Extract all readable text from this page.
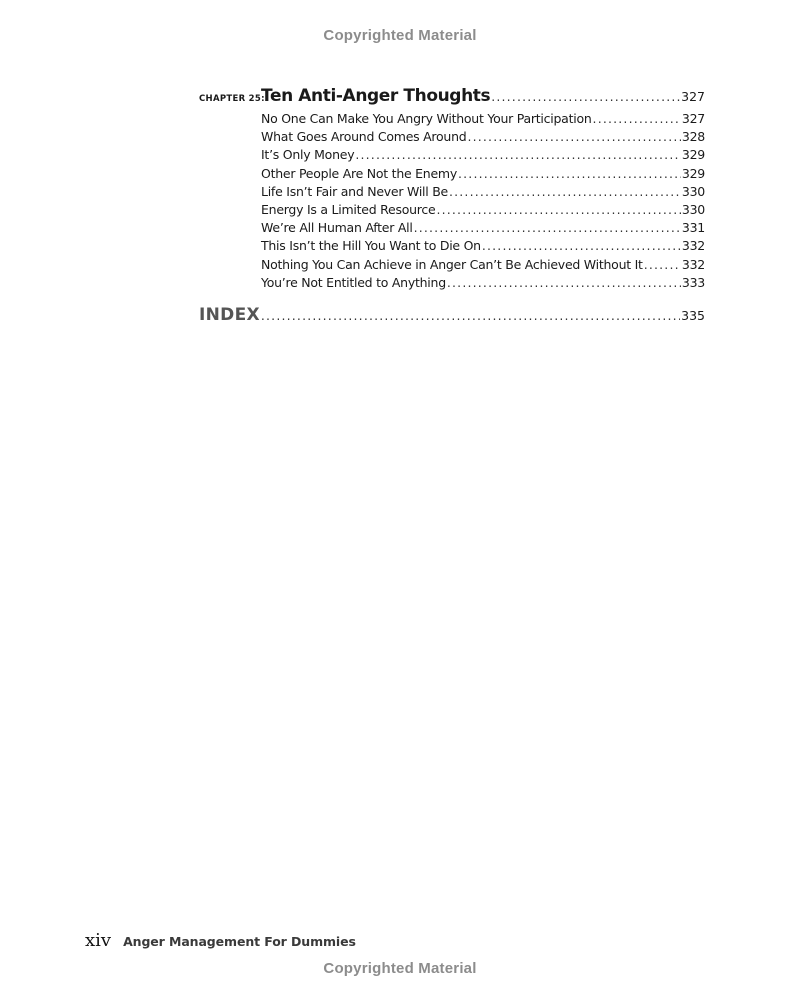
Copyrighted Material
CHAPTER 25:
Ten Anti-Anger Thoughts . . .	327
No One Can Make You Angry Without Your Participation . . .	327
What Goes Around Comes Around . . .	328
It’s Only Money . . .	329
Other People Are Not the Enemy . . .	329
Life Isn’t Fair and Never Will Be . . .	330
Energy Is a Limited Resource . . .	330
We’re All Human After All . . .	331
This Isn’t the Hill You Want to Die On . . .	332
Nothing You Can Achieve in Anger Can’t Be Achieved Without It . . .	332
You’re Not Entitled to Anything . . .	333
INDEX . . .	335
xiv Anger Management For Dummies
Copyrighted Material
